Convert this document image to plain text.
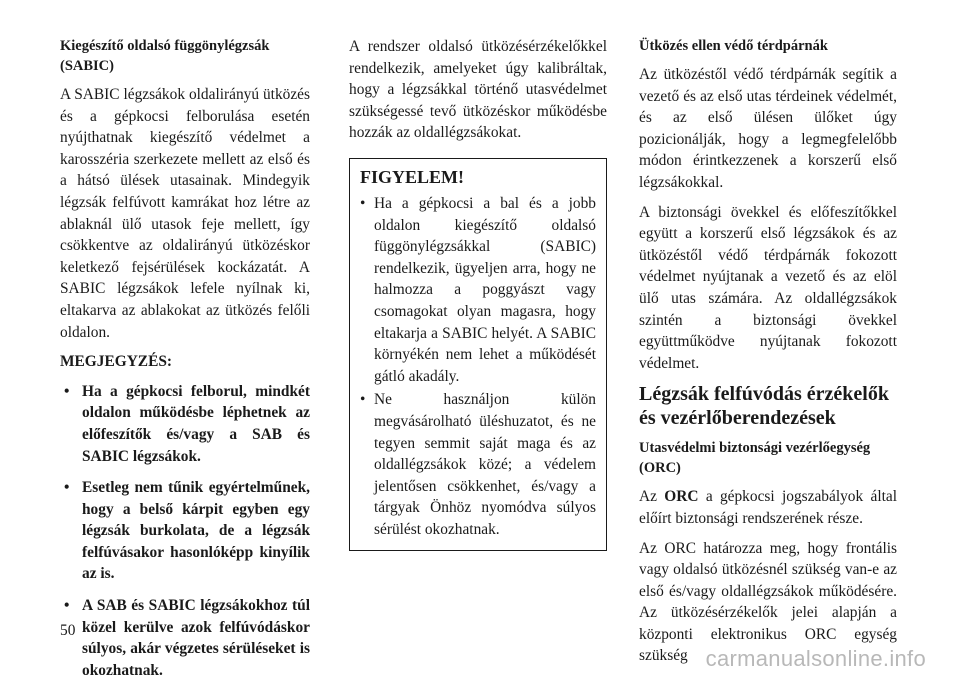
Kiegészítő oldalsó függönylégzsák (SABIC)

A SABIC légzsákok oldalirányú ütközés és a gépkocsi felborulása esetén nyújthatnak kiegészítő védelmet a karosszéria szerkezete mellett az első és a hátsó ülések utasainak. Mindegyik légzsák felfúvott kamrákat hoz létre az ablaknál ülő utasok feje mellett, így csökkentve az oldalirányú ütközéskor keletkező fejsérülések kockázatát. A SABIC légzsákok lefele nyílnak ki, eltakarva az ablakokat az ütközés felőli oldalon.

MEGJEGYZÉS:

• Ha a gépkocsi felborul, mindkét oldalon működésbe léphetnek az előfeszítők és/vagy a SAB és SABIC légzsákok.
• Esetleg nem tűnik egyértelműnek, hogy a belső kárpit egyben egy légzsák burkolata, de a légzsák felfúvásakor hasonlóképp kinyílik az is.
• A SAB és SABIC légzsákokhoz túl közel kerülve azok felfúvódáskor súlyos, akár végzetes sérüléseket is okozhatnak.

A rendszer oldalsó ütközésérzékelőkkel rendelkezik, amelyeket úgy kalibráltak, hogy a légzsákkal történő utasvédelmet szükségessé tevő ütközéskor működésbe hozzák az oldallégzsákokat.

FIGYELEM!
• Ha a gépkocsi a bal és a jobb oldalon kiegészítő oldalsó függönylégzsákkal (SABIC) rendelkezik, ügyeljen arra, hogy ne halmozza a poggyászt vagy csomagokat olyan magasra, hogy eltakarja a SABIC helyét. A SABIC környékén nem lehet a működését gátló akadály.
• Ne használjon külön megvásárolható üléshuzatot, és ne tegyen semmit saját maga és az oldallégzsákok közé; a védelem jelentősen csökkenhet, és/vagy a tárgyak Önhöz nyomódva súlyos sérülést okozhatnak.

Ütközés ellen védő térdpárnák

Az ütközéstől védő térdpárnák segítik a vezető és az első utas térdeinek védelmét, és az első ülésen ülőket úgy pozicionálják, hogy a legmegfelelőbb módon érintkezzenek a korszerű első légzsákokkal.

A biztonsági övekkel és előfeszítőkkel együtt a korszerű első légzsákok és az ütközéstől védő térdpárnák fokozott védelmet nyújtanak a vezető és az elöl ülő utas számára. Az oldallégzsákok szintén a biztonsági övekkel együttműködve nyújtanak fokozott védelmet.

Légzsák felfúvódás érzékelők és vezérlőberendezések

Utasvédelmi biztonsági vezérlőegység (ORC)

Az ORC a gépkocsi jogszabályok által előírt biztonsági rendszerének része.

Az ORC határozza meg, hogy frontális vagy oldalsó ütközésnél szükség van-e az első és/vagy oldallégzsákok működésére. Az ütközésérzékelők jelei alapján a központi elektronikus ORC egység szükség

50
carmanualsonline.info
